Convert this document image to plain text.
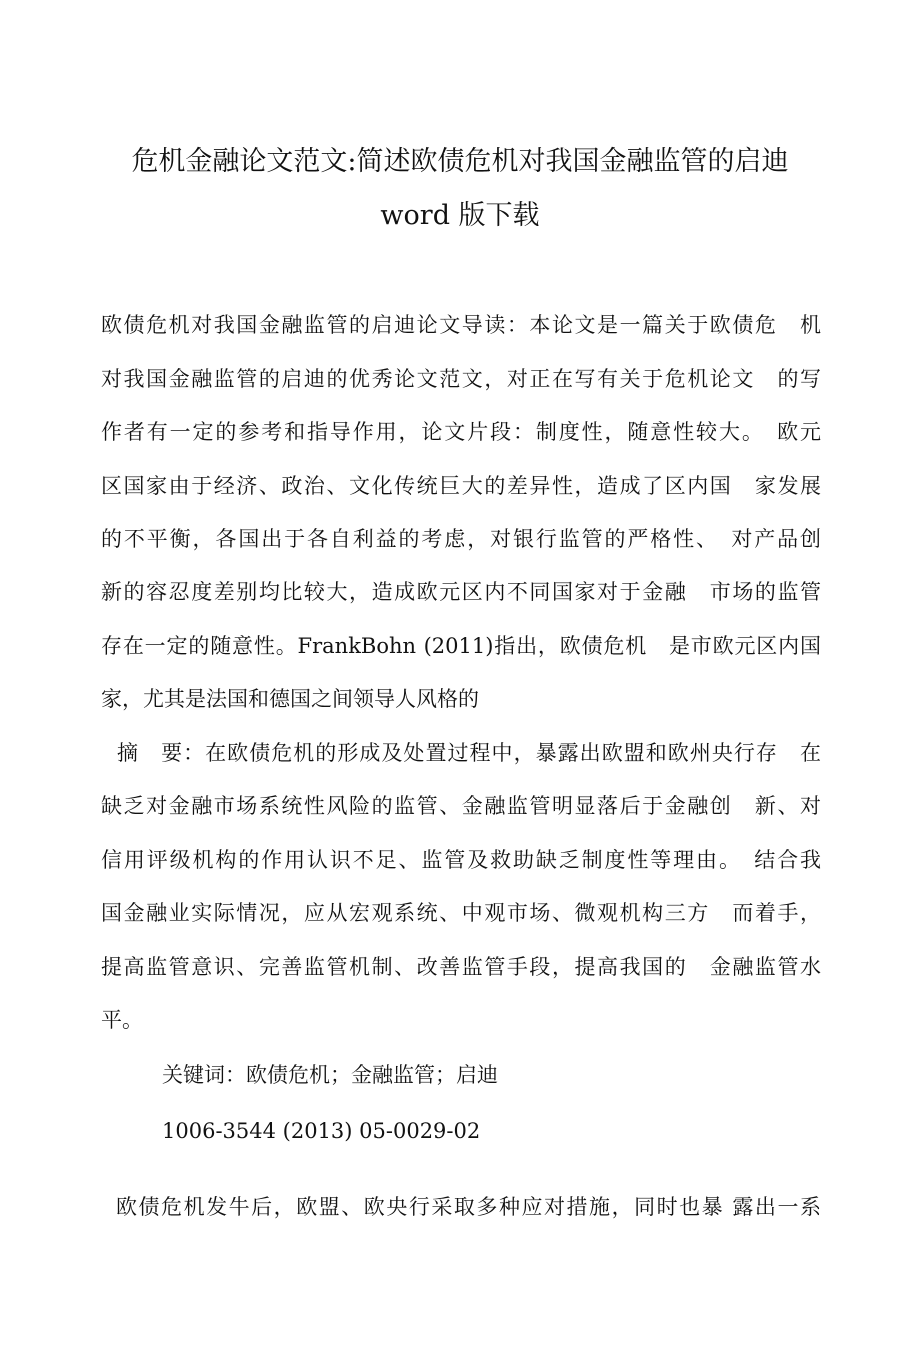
危机金融论文范文:简述欧债危机对我国金融监管的启迪
word 版下载
欧债危机对我国金融监管的启迪论文导读：本论文是一篇关于欧债危　机
对我国金融监管的启迪的优秀论文范文，对正在写有关于危机论文　的写
作者有一定的参考和指导作用，论文片段：制度性，随意性较大。　欧元
区国家由于经济、政治、文化传统巨大的差异性，造成了区内国　家发展
的不平衡，各国出于各自利益的考虑，对银行监管的严格性、　对产品创
新的容忍度差别均比较大，造成欧元区内不同国家对于金融　市场的监管
存在一定的随意性。FrankBohn (2011)指出，欧债危机　是市欧元区内国
家，尤其是法国和德国之间领导人风格的
摘　要：在欧债危机的形成及处置过程中，暴露出欧盟和欧州央行存　在
缺乏对金融市场系统性风险的监管、金融监管明显落后于金融创　新、对
信用评级机构的作用认识不足、监管及救助缺乏制度性等理由。　结合我
国金融业实际情况，应从宏观系统、中观市场、微观机构三方　而着手，
提高监管意识、完善监管机制、改善监管手段，提高我国的　金融监管水
平。
关键词：欧债危机；金融监管；启迪
1006-3544 (2013) 05-0029-02
欧债危机发牛后，欧盟、欧央行采取多种应对措施，同时也暴 露出一系
